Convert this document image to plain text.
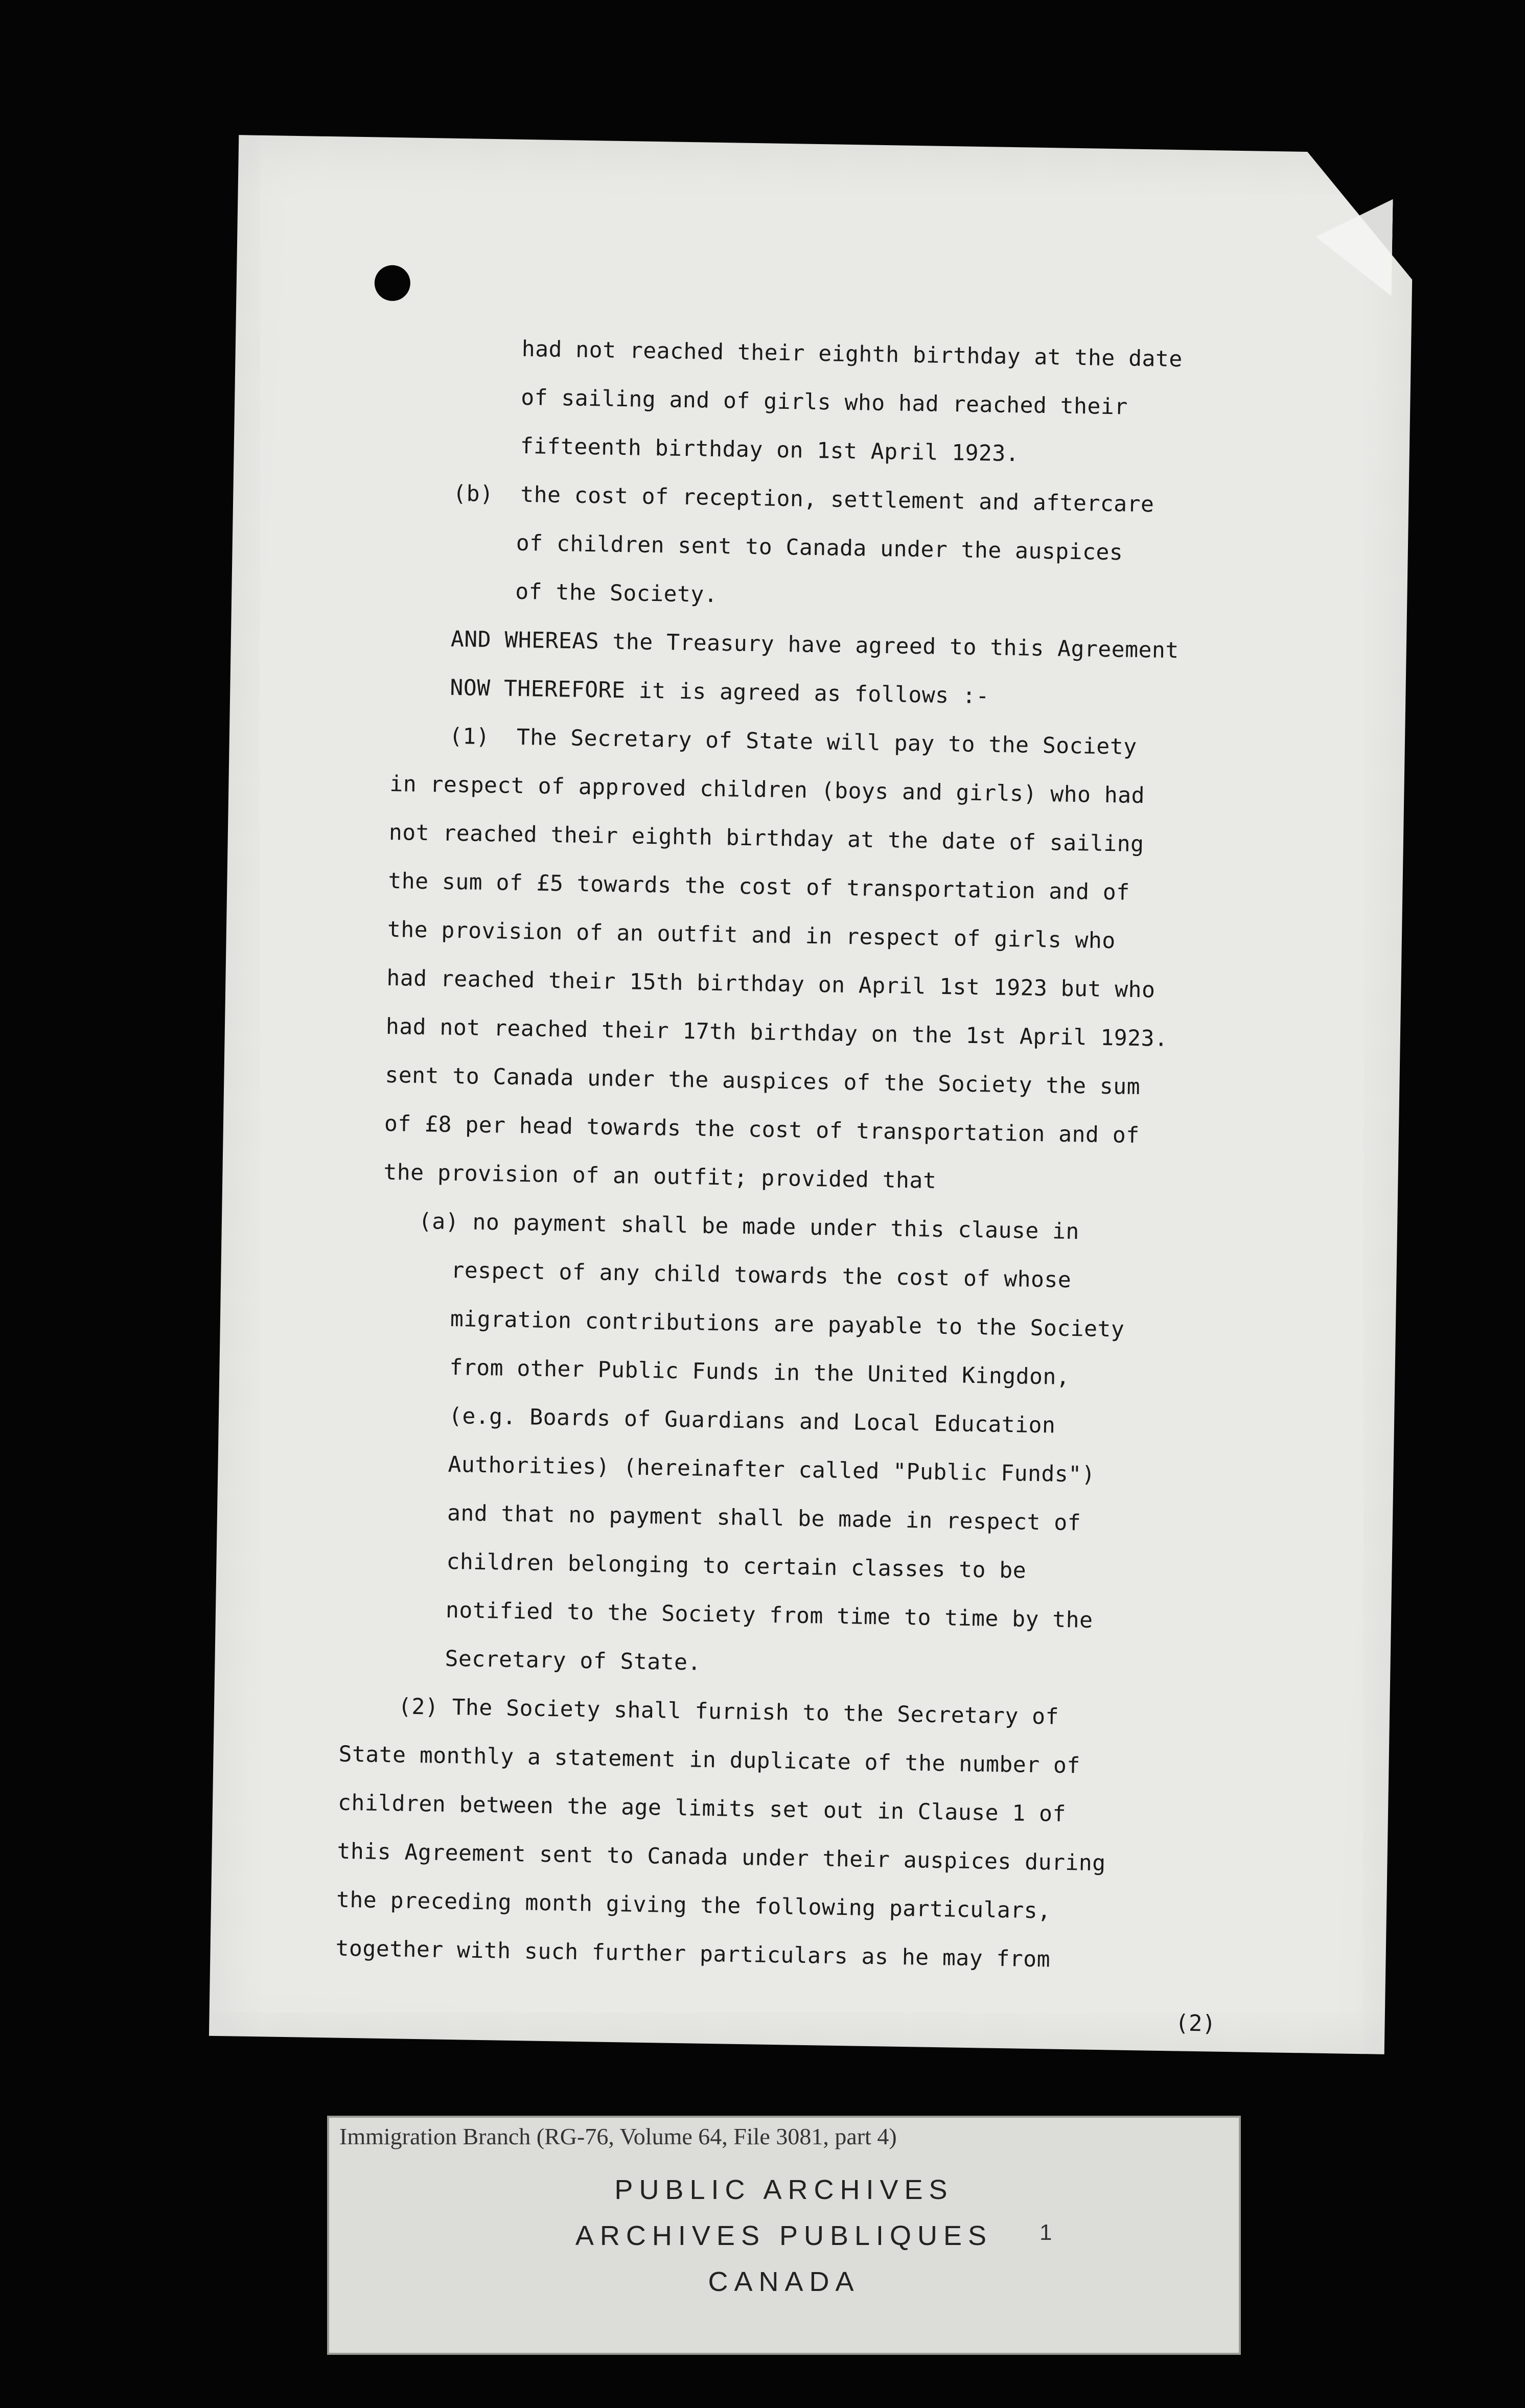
had not reached their eighth birthday at the date
of sailing and of girls who had reached their
fifteenth birthday on 1st April 1923.
(b)  the cost of reception, settlement and aftercare
of children sent to Canada under the auspices
of the Society.
AND WHEREAS the Treasury have agreed to this Agreement
NOW THEREFORE it is agreed as follows :-
(1)  The Secretary of State will pay to the Society
in respect of approved children (boys and girls) who had
not reached their eighth birthday at the date of sailing
the sum of £5 towards the cost of transportation and of
the provision of an outfit and in respect of girls who
had reached their 15th birthday on April 1st 1923 but who
had not reached their 17th birthday on the 1st April 1923.
sent to Canada under the auspices of the Society the sum
of £8 per head towards the cost of transportation and of
the provision of an outfit; provided that
(a) no payment shall be made under this clause in
respect of any child towards the cost of whose
migration contributions are payable to the Society
from other Public Funds in the United Kingdon,
(e.g. Boards of Guardians and Local Education
Authorities) (hereinafter called "Public Funds")
and that no payment shall be made in respect of
children belonging to certain classes to be
notified to the Society from time to time by the
Secretary of State.
(2) The Society shall furnish to the Secretary of
State monthly a statement in duplicate of the number of
children between the age limits set out in Clause 1 of
this Agreement sent to Canada under their auspices during
the preceding month giving the following particulars,
together with such further particulars as he may from
(2)
Immigration Branch (RG-76, Volume 64, File 3081, part 4)
PUBLIC ARCHIVES
ARCHIVES PUBLIQUES
CANADA
1
